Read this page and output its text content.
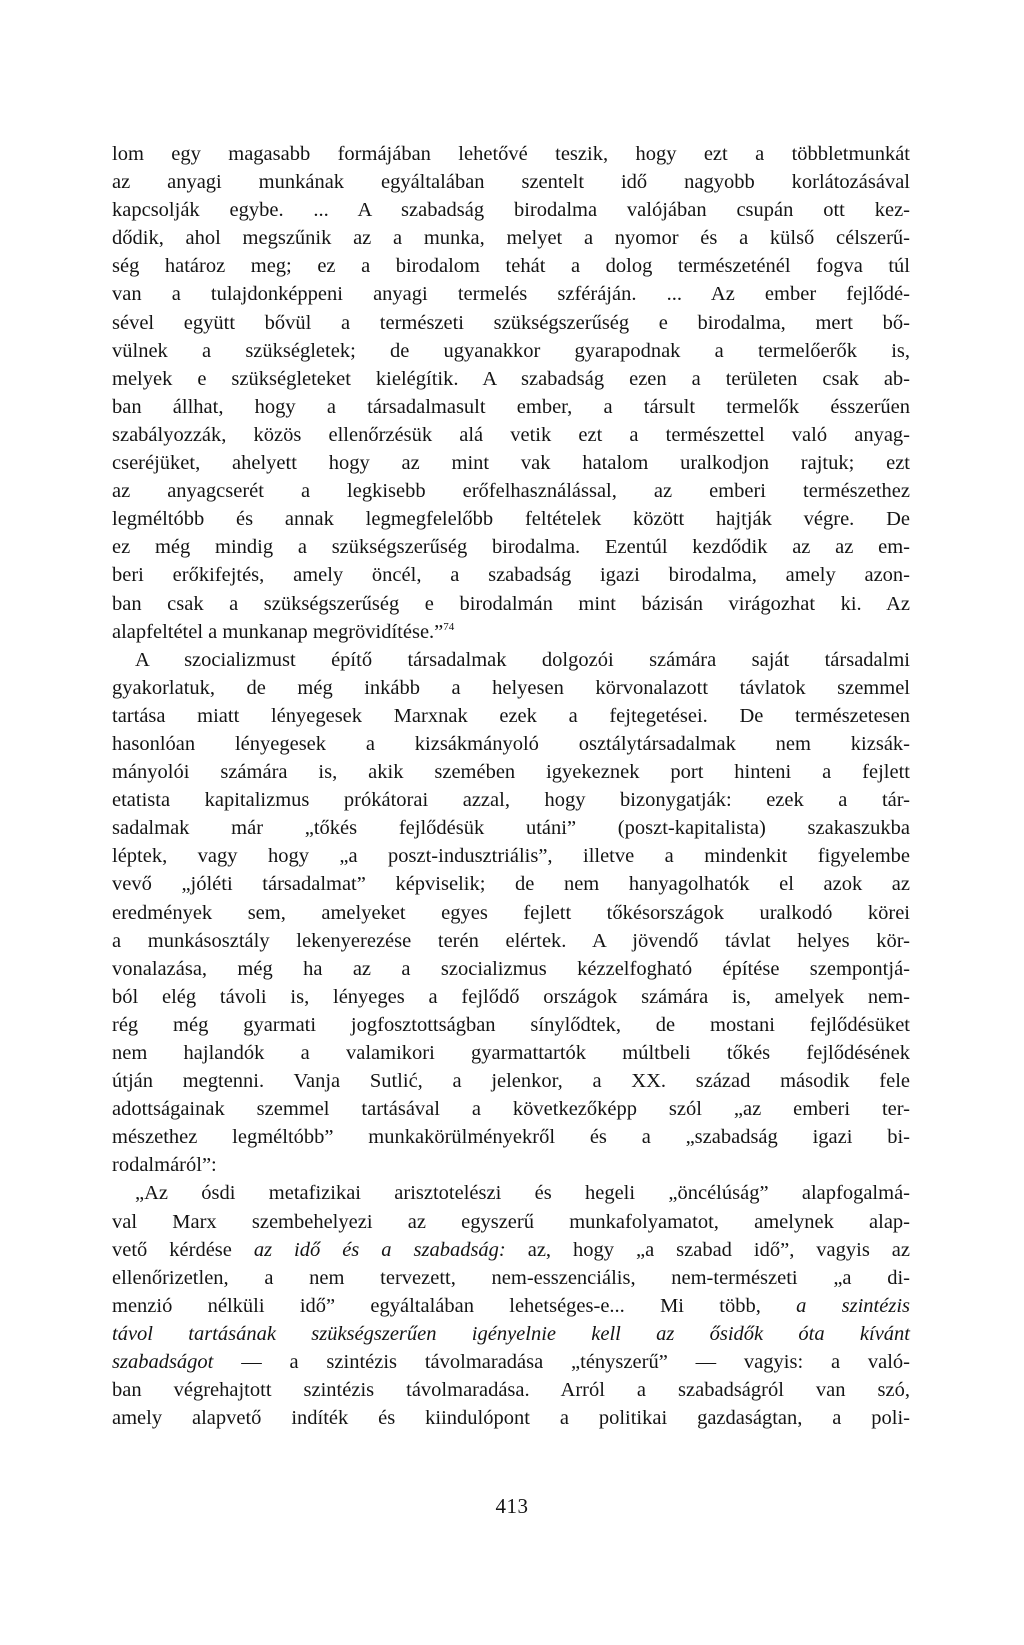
lom egy magasabb formájában lehetővé teszik, hogy ezt a többletmunkát
az anyagi munkának egyáltalában szentelt idő nagyobb korlátozásával
kapcsolják egybe. ... A szabadság birodalma valójában csupán ott kez-
dődik, ahol megszűnik az a munka, melyet a nyomor és a külső célszerű-
ség határoz meg; ez a birodalom tehát a dolog természeténél fogva túl
van a tulajdonképpeni anyagi termelés szféráján. ... Az ember fejlődé-
sével együtt bővül a természeti szükségszerűség e birodalma, mert bő-
vülnek a szükségletek; de ugyanakkor gyarapodnak a termelőerők is,
melyek e szükségleteket kielégítik. A szabadság ezen a területen csak ab-
ban állhat, hogy a társadalmasult ember, a társult termelők ésszerűen
szabályozzák, közös ellenőrzésük alá vetik ezt a természettel való anyag-
cseréjüket, ahelyett hogy az mint vak hatalom uralkodjon rajtuk; ezt
az anyagcserét a legkisebb erőfelhasználással, az emberi természethez
legméltóbb és annak legmegfelelőbb feltételek között hajtják végre. De
ez még mindig a szükségszerűség birodalma. Ezentúl kezdődik az az em-
beri erőkifejtés, amely öncél, a szabadság igazi birodalma, amely azon-
ban csak a szükségszerűség e birodalmán mint bázisán virágozhat ki. Az
alapfeltétel a munkanap megrövidítése.”$^{74}$
A szocializmust építő társadalmak dolgozói számára saját társadalmi
gyakorlatuk, de még inkább a helyesen körvonalazott távlatok szemmel
tartása miatt lényegesek Marxnak ezek a fejtegetései. De természetesen
hasonlóan lényegesek a kizsákmányoló osztálytársadalmak nem kizsák-
mányolói számára is, akik szemében igyekeznek port hinteni a fejlett
etatista kapitalizmus prókátorai azzal, hogy bizonygatják: ezek a tár-
sadalmak már „tőkés fejlődésük utáni” (poszt-kapitalista) szakaszukba
léptek, vagy hogy „a poszt-indusztriális”, illetve a mindenkit figyelembe
vevő „jóléti társadalmat” képviselik; de nem hanyagolhatók el azok az
eredmények sem, amelyeket egyes fejlett tőkésországok uralkodó körei
a munkásosztály lekenyerezése terén elértek. A jövendő távlat helyes kör-
vonalazása, még ha az a szocializmus kézzelfogható építése szempontjá-
ból elég távoli is, lényeges a fejlődő országok számára is, amelyek nem-
rég még gyarmati jogfosztottságban sínylődtek, de mostani fejlődésüket
nem hajlandók a valamikori gyarmattartók múltbeli tőkés fejlődésének
útján megtenni. Vanja Sutlić, a jelenkor, a XX. század második fele
adottságainak szemmel tartásával a következőképp szól „az emberi ter-
mészethez legméltóbb” munkakörülményekről és a „szabadság igazi bi-
rodalmáról”:
„Az ósdi metafizikai arisztotelészi és hegeli „öncélúság” alapfogalmá-
val Marx szembehelyezi az egyszerű munkafolyamatot, amelynek alap-
vető kérdése az idő és a szabadság: az, hogy „a szabad idő”, vagyis az
ellenőrizetlen, a nem tervezett, nem-esszenciális, nem-természeti „a di-
menzió nélküli idő” egyáltalában lehetséges-e... Mi több, a szintézis
távol tartásának szükségszerűen igényelnie kell az ősidők óta kívánt
szabadságot — a szintézis távolmaradása „tényszerű” — vagyis: a való-
ban végrehajtott szintézis távolmaradása. Arról a szabadságról van szó,
amely alapvető indíték és kiindulópont a politikai gazdaságtan, a poli-
413
